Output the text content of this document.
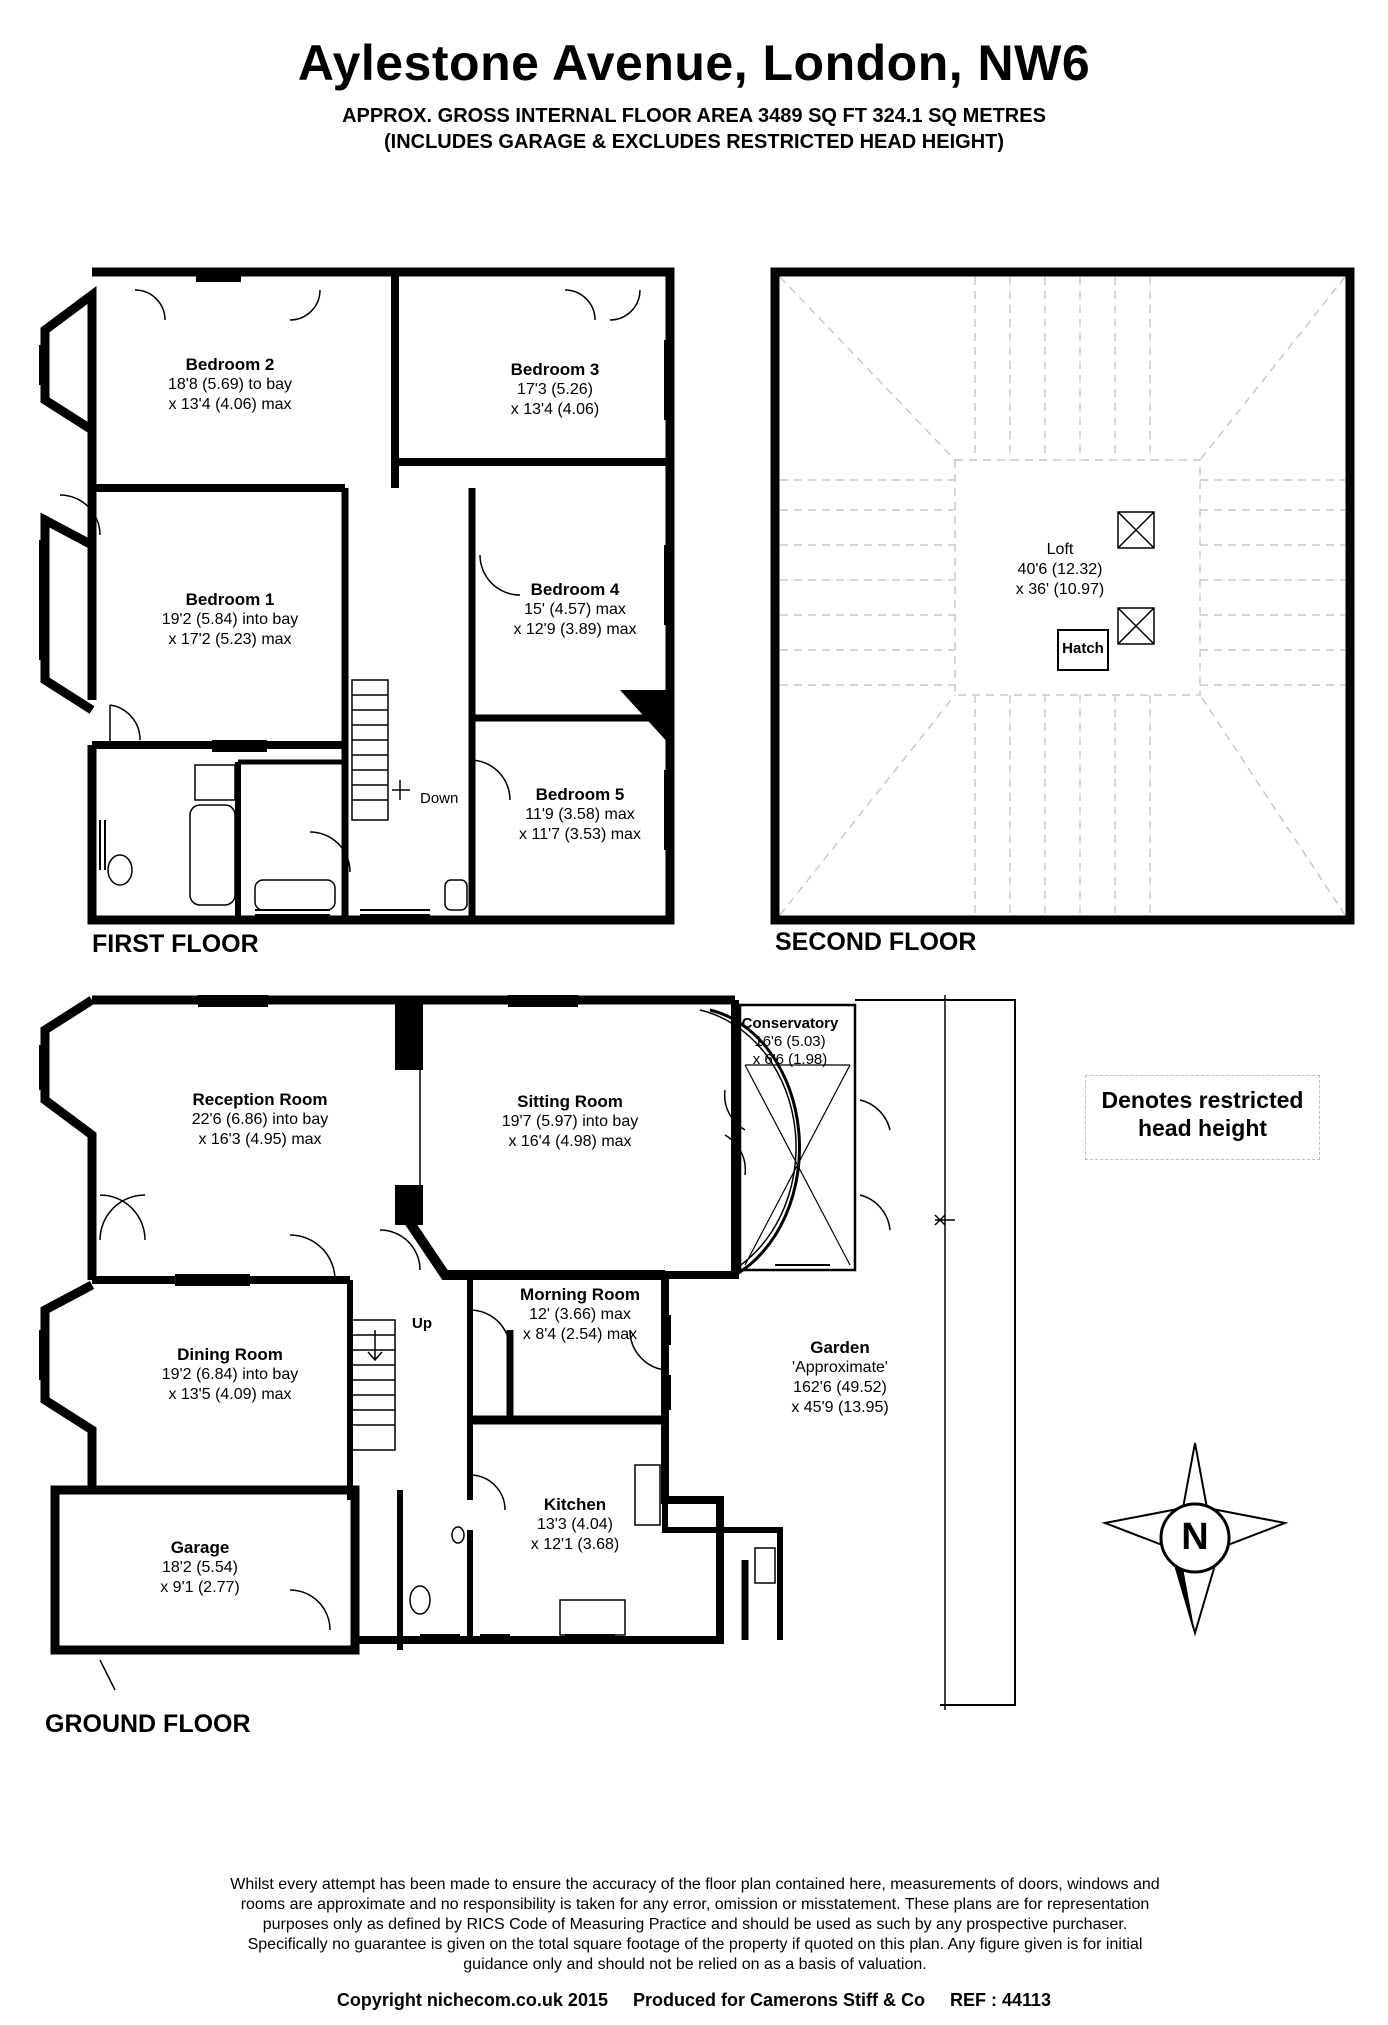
Aylestone Avenue, London, NW6
APPROX. GROSS INTERNAL FLOOR AREA 3489 SQ FT 324.1 SQ METRES
(INCLUDES GARAGE & EXCLUDES RESTRICTED HEAD HEIGHT)
FIRST FLOOR	SECOND FLOOR
GROUND FLOOR
Bedroom 2
18'8 (5.69) to bay
x 13'4 (4.06) max
Bedroom 3
17'3 (5.26)
x 13'4 (4.06)
Bedroom 1
19'2 (5.84) into bay
x 17'2 (5.23) max
Bedroom 4
15' (4.57) max
x 12'9 (3.89) max
Bedroom 5
11'9 (3.58) max
x 11'7 (3.53) max
Down
Loft
40'6 (12.32)
x 36' (10.97)
Hatch
Reception Room
22'6 (6.86) into bay
x 16'3 (4.95) max
Sitting Room
19'7 (5.97) into bay
x 16'4 (4.98) max
Conservatory
16'6 (5.03)
x 6'6 (1.98)
Morning Room
12' (3.66) max
x 8'4 (2.54) max
Up
Dining Room
19'2 (6.84) into bay
x 13'5 (4.09) max
Garden
'Approximate'
162'6 (49.52)
x 45'9 (13.95)
Kitchen
13'3 (4.04)
x 12'1 (3.68)
Garage
18'2 (5.54)
x 9'1 (2.77)
N
Denotes restricted
head height
Whilst every attempt has been made to ensure the accuracy of the floor plan contained here, measurements of doors, windows and
rooms are approximate and no responsibility is taken for any error, omission or misstatement. These plans are for representation
purposes only as defined by RICS Code of Measuring Practice and should be used as such by any prospective purchaser.
Specifically no guarantee is given on the total square footage of the property if quoted on this plan. Any figure given is for initial
guidance only and should not be relied on as a basis of valuation.
Copyright nichecom.co.uk 2015     Produced for Camerons Stiff & Co     REF : 44113
